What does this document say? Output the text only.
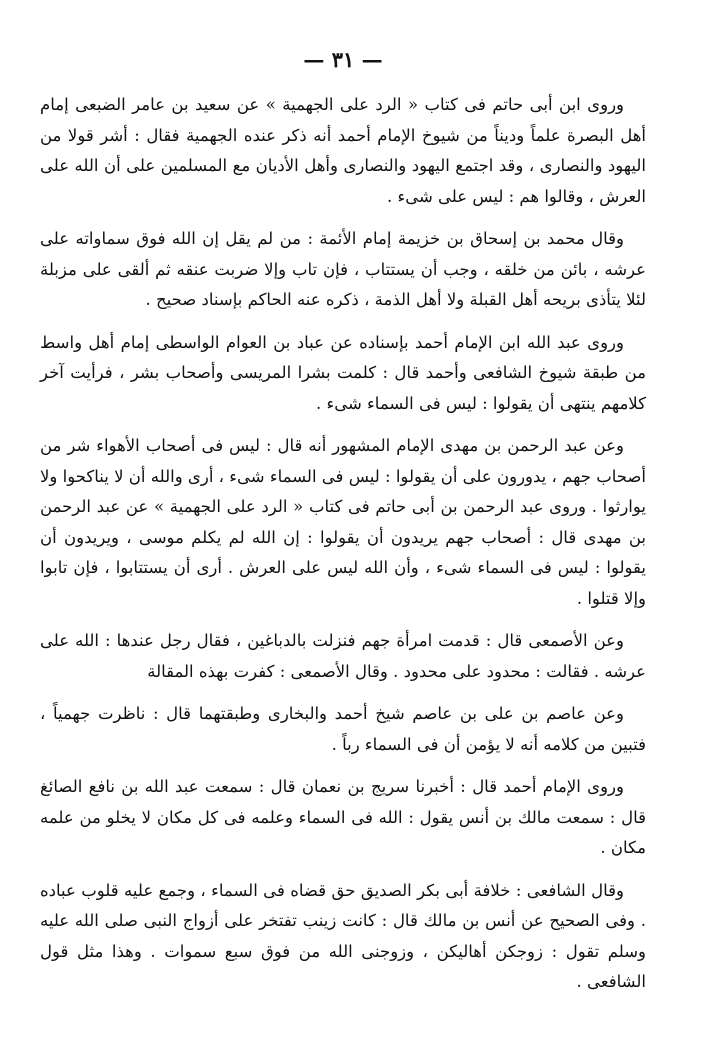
— ٣١ —

وروى ابن أبى حاتم فى كتاب « الرد على الجهمية » عن سعيد بن عامر الضبعى إمام أهل البصرة علماً وديناً من شيوخ الإمام أحمد أنه ذكر عنده الجهمية فقال : أشر قولا من اليهود والنصارى ، وقد اجتمع اليهود والنصارى وأهل الأديان مع المسلمين على أن الله على العرش ، وقالوا هم : ليس على شىء .

وقال محمد بن إسحاق بن خزيمة إمام الأئمة : من لم يقل إن الله فوق سماواته على عرشه ، بائن من خلقه ، وجب أن يستتاب ، فإن تاب وإلا ضربت عنقه ثم ألقى على مزبلة لئلا يتأذى بريحه أهل القبلة ولا أهل الذمة ، ذكره عنه الحاكم بإسناد صحيح .

وروى عبد الله ابن الإمام أحمد بإسناده عن عباد بن العوام الواسطى إمام أهل واسط من طبقة شيوخ الشافعى وأحمد قال : كلمت بشرا المريسى وأصحاب بشر ، فرأيت آخر كلامهم ينتهى أن يقولوا : ليس فى السماء شىء .

وعن عبد الرحمن بن مهدى الإمام المشهور أنه قال : ليس فى أصحاب الأهواء شر من أصحاب جهم ، يدورون على أن يقولوا : ليس فى السماء شىء ، أرى والله أن لا يناكحوا ولا يوارثوا . وروى عبد الرحمن بن أبى حاتم فى كتاب « الرد على الجهمية » عن عبد الرحمن بن مهدى قال : أصحاب جهم يريدون أن يقولوا : إن الله لم يكلم موسى ، ويريدون أن يقولوا : ليس فى السماء شىء ، وأن الله ليس على العرش . أرى أن يستتابوا ، فإن تابوا وإلا قتلوا .

وعن الأصمعى قال : قدمت امرأة جهم فنزلت بالدباغين ، فقال رجل عندها : الله على عرشه . فقالت : محدود على محدود . وقال الأصمعى : كفرت بهذه المقالة

وعن عاصم بن على بن عاصم شيخ أحمد والبخارى وطبقتهما قال : ناظرت جهمياً ، فتبين من كلامه أنه لا يؤمن أن فى السماء رباً .

وروى الإمام أحمد قال : أخبرنا سريج بن نعمان قال : سمعت عبد الله بن نافع الصائغ قال : سمعت مالك بن أنس يقول : الله فى السماء وعلمه فى كل مكان لا يخلو من علمه مكان .

وقال الشافعى : خلافة أبى بكر الصديق حق قضاه فى السماء ، وجمع عليه قلوب عباده . وفى الصحيح عن أنس بن مالك قال : كانت زينب تفتخر على أزواج النبى صلى الله عليه وسلم تقول : زوجكن أهاليكن ، وزوجنى الله من فوق سبع سموات . وهذا مثل قول الشافعى .
